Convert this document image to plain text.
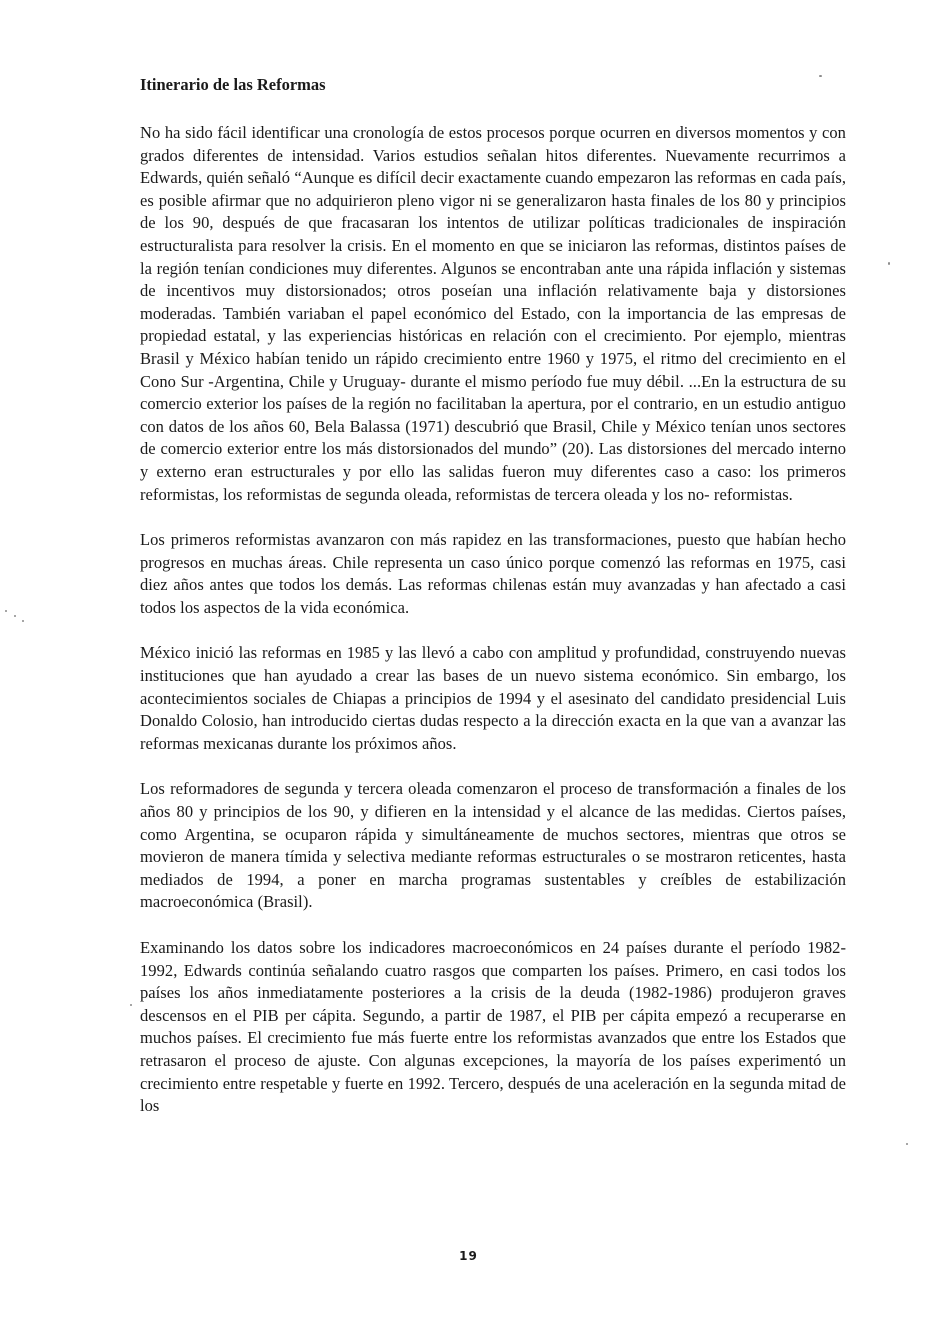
Itinerario de las Reformas

No ha sido fácil identificar una cronología de estos procesos porque ocurren en diversos momentos y con grados diferentes de intensidad. Varios estudios señalan hitos diferentes. Nuevamente recurrimos a Edwards, quién señaló “Aunque es difícil decir exactamente cuando empezaron las reformas en cada país, es posible afirmar que no adquirieron pleno vigor ni se generalizaron hasta finales de los 80 y principios de los 90, después de que fracasaran los intentos de utilizar políticas tradicionales de inspiración estructuralista para resolver la crisis. En el momento en que se iniciaron las reformas, distintos países de la región tenían condiciones muy diferentes. Algunos se encontraban ante una rápida inflación y sistemas de incentivos muy distorsionados; otros poseían una inflación relativamente baja y distorsiones moderadas. También variaban el papel económico del Estado, con la importancia de las empresas de propiedad estatal, y las experiencias históricas en relación con el crecimiento. Por ejemplo, mientras Brasil y México habían tenido un rápido crecimiento entre 1960 y 1975, el ritmo del crecimiento en el Cono Sur -Argentina, Chile y Uruguay- durante el mismo período fue muy débil. ...En la estructura de su comercio exterior los países de la región no facilitaban la apertura, por el contrario, en un estudio antiguo con datos de los años 60, Bela Balassa (1971) descubrió que Brasil, Chile y México tenían unos sectores de comercio exterior entre los más distorsionados del mundo” (20). Las distorsiones del mercado interno y externo eran estructurales y por ello las salidas fueron muy diferentes caso a caso: los primeros reformistas, los reformistas de segunda oleada, reformistas de tercera oleada y los no- reformistas.

Los primeros reformistas avanzaron con más rapidez en las transformaciones, puesto que habían hecho progresos en muchas áreas. Chile representa un caso único porque comenzó las reformas en 1975, casi diez años antes que todos los demás. Las reformas chilenas están muy avanzadas y han afectado a casi todos los aspectos de la vida económica.

México inició las reformas en 1985 y las llevó a cabo con amplitud y profundidad, construyendo nuevas instituciones que han ayudado a crear las bases de un nuevo sistema económico. Sin embargo, los acontecimientos sociales de Chiapas a principios de 1994 y el asesinato del candidato presidencial Luis Donaldo Colosio, han introducido ciertas dudas respecto a la dirección exacta en la que van a avanzar las reformas mexicanas durante los próximos años.

Los reformadores de segunda y tercera oleada comenzaron el proceso de transformación a finales de los años 80 y principios de los 90, y difieren en la intensidad y el alcance de las medidas. Ciertos países, como Argentina, se ocuparon rápida y simultáneamente de muchos sectores, mientras que otros se movieron de manera tímida y selectiva mediante reformas estructurales o se mostraron reticentes, hasta mediados de 1994, a poner en marcha programas sustentables y creíbles de estabilización macroeconómica (Brasil).

Examinando los datos sobre los indicadores macroeconómicos en 24 países durante el período 1982-1992, Edwards continúa señalando cuatro rasgos que comparten los países. Primero, en casi todos los países los años inmediatamente posteriores a la crisis de la deuda (1982-1986) produjeron graves descensos en el PIB per cápita. Segundo, a partir de 1987, el PIB per cápita empezó a recuperarse en muchos países. El crecimiento fue más fuerte entre los reformistas avanzados que entre los Estados que retrasaron el proceso de ajuste. Con algunas excepciones, la mayoría de los países experimentó un crecimiento entre respetable y fuerte en 1992. Tercero, después de una aceleración en la segunda mitad de los

19
